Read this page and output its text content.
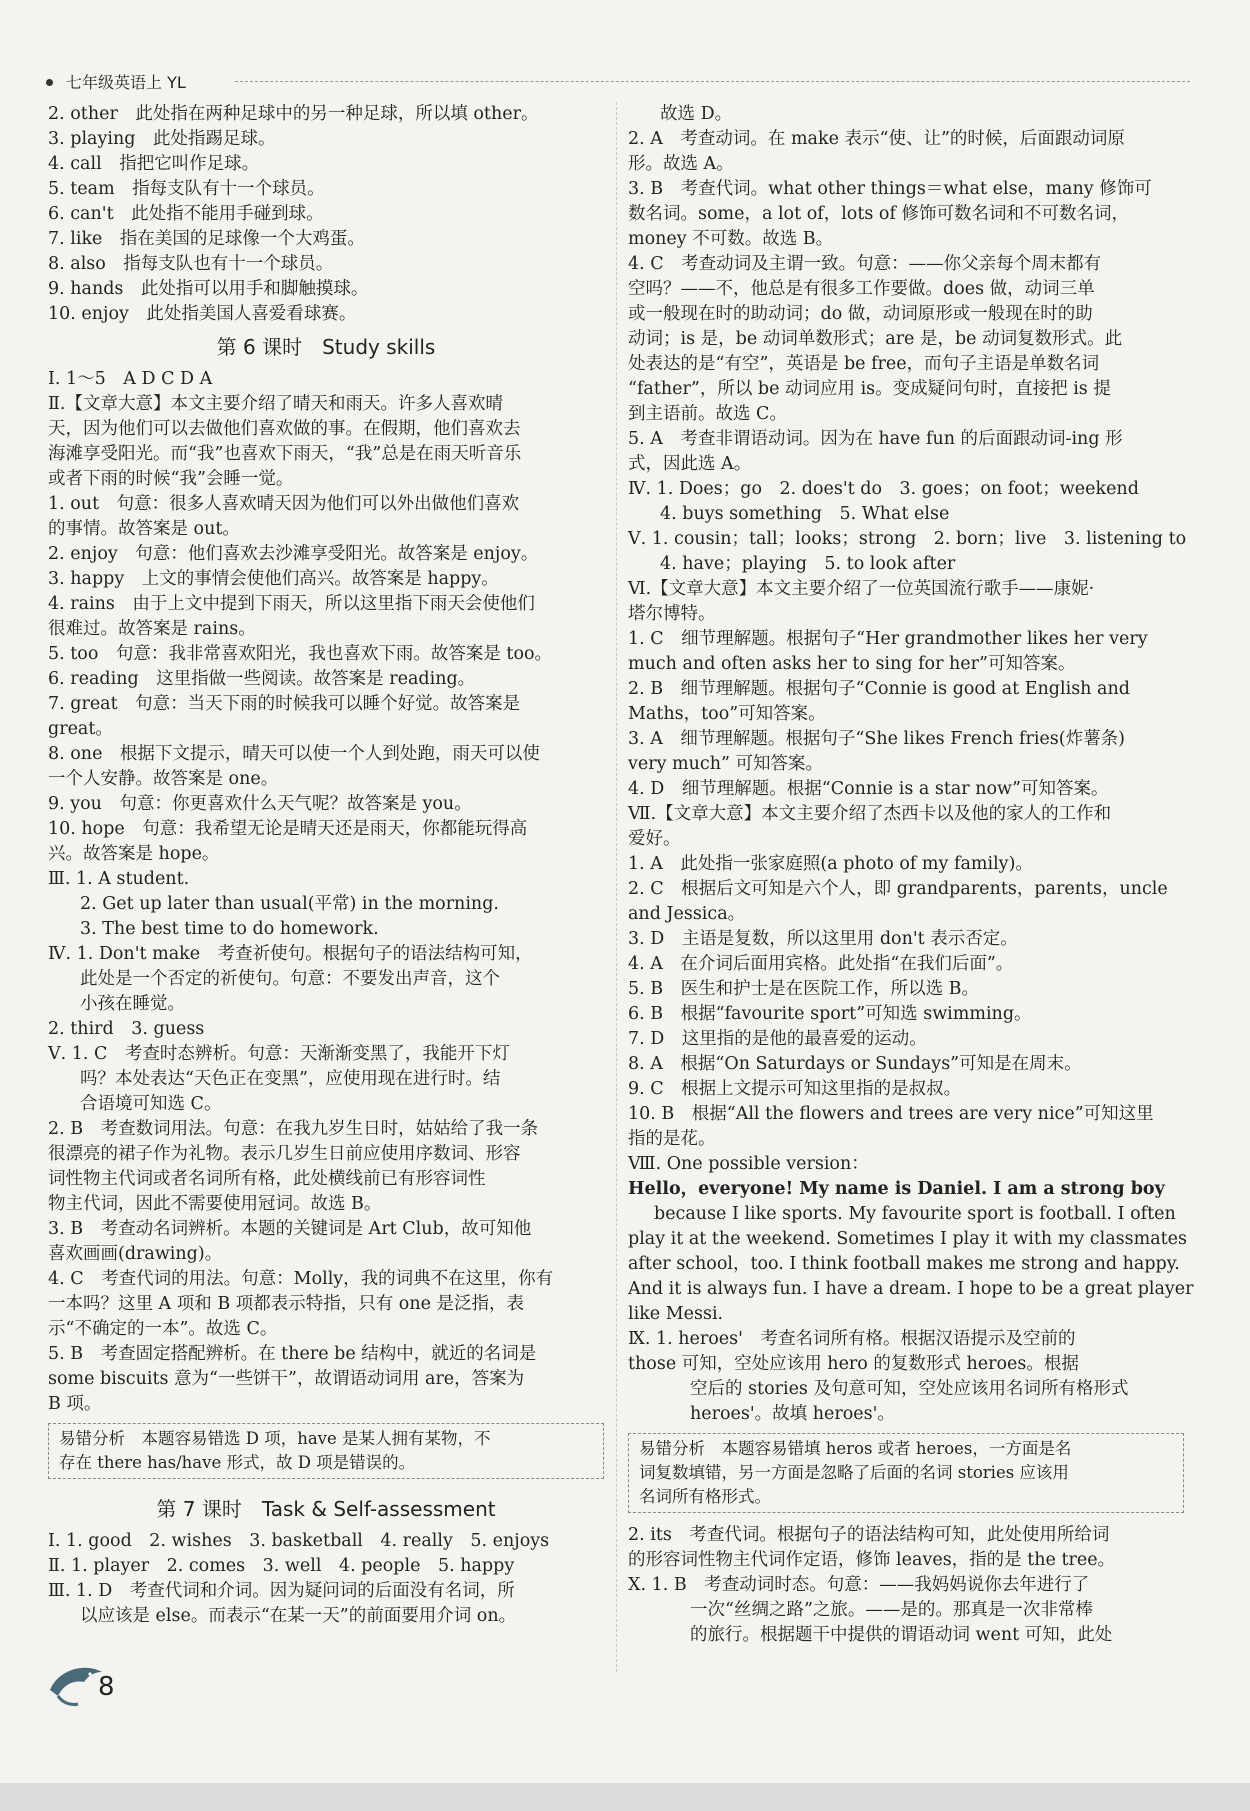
七年级英语上 YL
2. other　此处指在两种足球中的另一种足球，所以填 other。
3. playing　此处指踢足球。
4. call　指把它叫作足球。
5. team　指每支队有十一个球员。
6. can't　此处指不能用手碰到球。
7. like　指在美国的足球像一个大鸡蛋。
8. also　指每支队也有十一个球员。
9. hands　此处指可以用手和脚触摸球。
10. enjoy　此处指美国人喜爱看球赛。
第 6 课时　Study skills
Ⅰ. 1～5　A D C D A
Ⅱ.【文章大意】本文主要介绍了晴天和雨天。许多人喜欢晴
天，因为他们可以去做他们喜欢做的事。在假期，他们喜欢去
海滩享受阳光。而“我”也喜欢下雨天，“我”总是在雨天听音乐
或者下雨的时候“我”会睡一觉。
1. out　句意：很多人喜欢晴天因为他们可以外出做他们喜欢
的事情。故答案是 out。
2. enjoy　句意：他们喜欢去沙滩享受阳光。故答案是 enjoy。
3. happy　上文的事情会使他们高兴。故答案是 happy。
4. rains　由于上文中提到下雨天，所以这里指下雨天会使他们
很难过。故答案是 rains。
5. too　句意：我非常喜欢阳光，我也喜欢下雨。故答案是 too。
6. reading　这里指做一些阅读。故答案是 reading。
7. great　句意：当天下雨的时候我可以睡个好觉。故答案是
great。
8. one　根据下文提示，晴天可以使一个人到处跑，雨天可以使
一个人安静。故答案是 one。
9. you　句意：你更喜欢什么天气呢？故答案是 you。
10. hope　句意：我希望无论是晴天还是雨天，你都能玩得高
兴。故答案是 hope。
Ⅲ. 1. A student.
2. Get up later than usual(平常) in the morning.
3. The best time to do homework.
Ⅳ. 1. Don't make　考查祈使句。根据句子的语法结构可知，
此处是一个否定的祈使句。句意：不要发出声音，这个
小孩在睡觉。
2. third　3. guess
Ⅴ. 1. C　考查时态辨析。句意：天渐渐变黑了，我能开下灯
吗？本处表达“天色正在变黑”，应使用现在进行时。结
合语境可知选 C。
2. B　考查数词用法。句意：在我九岁生日时，姑姑给了我一条
很漂亮的裙子作为礼物。表示几岁生日前应使用序数词、形容
词性物主代词或者名词所有格，此处横线前已有形容词性
物主代词，因此不需要使用冠词。故选 B。
3. B　考查动名词辨析。本题的关键词是 Art Club，故可知他
喜欢画画(drawing)。
4. C　考查代词的用法。句意：Molly，我的词典不在这里，你有
一本吗？这里 A 项和 B 项都表示特指，只有 one 是泛指，表
示“不确定的一本”。故选 C。
5. B　考查固定搭配辨析。在 there be 结构中，就近的名词是
some biscuits 意为“一些饼干”，故谓语动词用 are，答案为
B 项。
易错分析　本题容易错选 D 项，have 是某人拥有某物，不
存在 there has/have 形式，故 D 项是错误的。
第 7 课时　Task & Self-assessment
Ⅰ. 1. good　2. wishes　3. basketball　4. really　5. enjoys
Ⅱ. 1. player　2. comes　3. well　4. people　5. happy
Ⅲ. 1. D　考查代词和介词。因为疑问词的后面没有名词，所
以应该是 else。而表示“在某一天”的前面要用介词 on。
故选 D。
2. A　考查动词。在 make 表示“使、让”的时候，后面跟动词原
形。故选 A。
3. B　考查代词。what other things＝what else，many 修饰可
数名词。some，a lot of，lots of 修饰可数名词和不可数名词，
money 不可数。故选 B。
4. C　考查动词及主谓一致。句意：——你父亲每个周末都有
空吗？——不，他总是有很多工作要做。does 做，动词三单
或一般现在时的助动词；do 做，动词原形或一般现在时的助
动词；is 是，be 动词单数形式；are 是，be 动词复数形式。此
处表达的是“有空”，英语是 be free，而句子主语是单数名词
“father”，所以 be 动词应用 is。变成疑问句时，直接把 is 提
到主语前。故选 C。
5. A　考查非谓语动词。因为在 have fun 的后面跟动词-ing 形
式，因此选 A。
Ⅳ. 1. Does；go　2. does't do　3. goes；on foot；weekend
4. buys something　5. What else
Ⅴ. 1. cousin；tall；looks；strong　2. born；live　3. listening to
4. have；playing　5. to look after
Ⅵ.【文章大意】本文主要介绍了一位英国流行歌手——康妮·
塔尔博特。
1. C　细节理解题。根据句子“Her grandmother likes her very
much and often asks her to sing for her”可知答案。
2. B　细节理解题。根据句子“Connie is good at English and
Maths，too”可知答案。
3. A　细节理解题。根据句子“She likes French fries(炸薯条)
very much” 可知答案。
4. D　细节理解题。根据“Connie is a star now”可知答案。
Ⅶ.【文章大意】本文主要介绍了杰西卡以及他的家人的工作和
爱好。
1. A　此处指一张家庭照(a photo of my family)。
2. C　根据后文可知是六个人，即 grandparents，parents，uncle
and Jessica。
3. D　主语是复数，所以这里用 don't 表示否定。
4. A　在介词后面用宾格。此处指“在我们后面”。
5. B　医生和护士是在医院工作，所以选 B。
6. B　根据“favourite sport”可知选 swimming。
7. D　这里指的是他的最喜爱的运动。
8. A　根据“On Saturdays or Sundays”可知是在周末。
9. C　根据上文提示可知这里指的是叔叔。
10. B　根据“All the flowers and trees are very nice”可知这里
指的是花。
Ⅷ. One possible version：
Hello，everyone! My name is Daniel. I am a strong boy
because I like sports. My favourite sport is football. I often
play it at the weekend. Sometimes I play it with my classmates
after school，too. I think football makes me strong and happy.
And it is always fun. I have a dream. I hope to be a great player
like Messi.
Ⅸ. 1. heroes'　考查名词所有格。根据汉语提示及空前的
those 可知，空处应该用 hero 的复数形式 heroes。根据
空后的 stories 及句意可知，空处应该用名词所有格形式
heroes'。故填 heroes'。
易错分析　本题容易错填 heros 或者 heroes，一方面是名
词复数填错，另一方面是忽略了后面的名词 stories 应该用
名词所有格形式。
2. its　考查代词。根据句子的语法结构可知，此处使用所给词
的形容词性物主代词作定语，修饰 leaves，指的是 the tree。
Ⅹ. 1. B　考查动词时态。句意：——我妈妈说你去年进行了
一次“丝绸之路”之旅。——是的。那真是一次非常棒
的旅行。根据题干中提供的谓语动词 went 可知，此处
8
